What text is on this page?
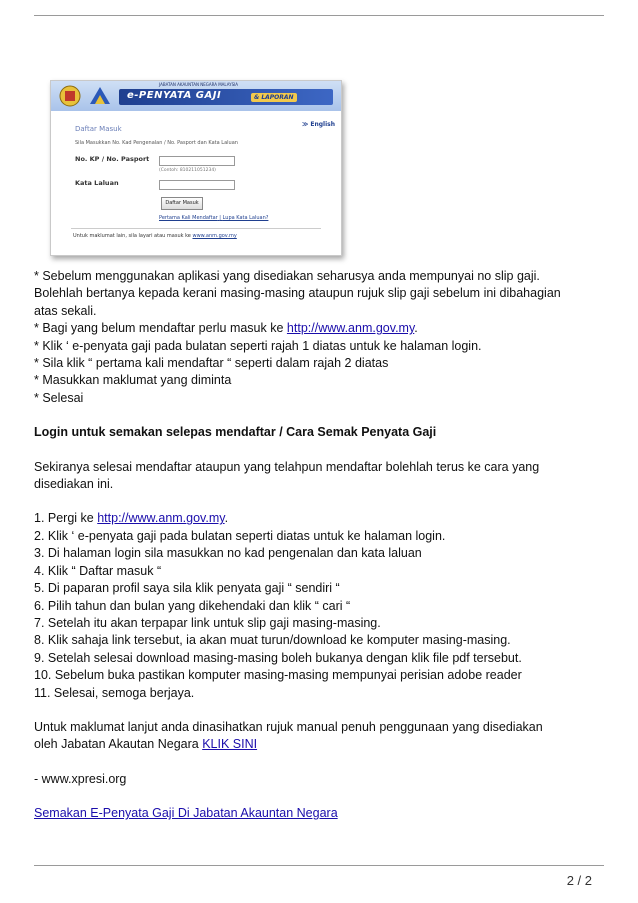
JABATAN AKAUNTAN NEGARA MALAYSIA
e-PENYATA GAJI	& LAPORAN
≫ English
Daftar Masuk
Sila Masukkan No. Kad Pengenalan / No. Pasport dan Kata Laluan
No. KP / No. Pasport
(Contoh: 810211051234)
Kata Laluan
Daftar Masuk
Pertama Kali Mendaftar | Lupa Kata Laluan?
Untuk maklumat lain, sila layari atau masuk ke www.anm.gov.my

* Sebelum menggunakan aplikasi yang disediakan seharusya anda mempunyai no slip gaji.

Bolehlah bertanya kepada kerani masing-masing ataupun rujuk slip gaji sebelum ini dibahagian

atas sekali.

* Bagi yang belum mendaftar perlu masuk ke http://www.anm.gov.my.

* Klik ‘ e-penyata gaji pada bulatan seperti rajah 1 diatas untuk ke halaman login.

* Sila klik “ pertama kali mendaftar “ seperti dalam rajah 2 diatas

* Masukkan maklumat yang diminta

* Selesai

Login untuk semakan selepas mendaftar / Cara Semak Penyata Gaji

Sekiranya selesai mendaftar ataupun yang telahpun mendaftar bolehlah terus ke cara yang

disediakan ini.

1. Pergi ke http://www.anm.gov.my.

2. Klik ‘ e-penyata gaji pada bulatan seperti diatas untuk ke halaman login.

3. Di halaman login sila masukkan no kad pengenalan dan kata laluan

4. Klik “ Daftar masuk “

5. Di paparan profil saya sila klik penyata gaji “ sendiri “

6. Pilih tahun dan bulan yang dikehendaki dan klik “ cari “

7. Setelah itu akan terpapar link untuk slip gaji masing-masing.

8. Klik sahaja link tersebut, ia akan muat turun/download ke komputer masing-masing.

9. Setelah selesai download masing-masing boleh bukanya dengan klik file pdf tersebut.

10. Sebelum buka pastikan komputer masing-masing mempunyai perisian adobe reader

11. Selesai, semoga berjaya.

Untuk maklumat lanjut anda dinasihatkan rujuk manual penuh penggunaan yang disediakan

oleh Jabatan Akautan Negara KLIK SINI

- www.xpresi.org

Semakan E-Penyata Gaji Di Jabatan Akauntan Negara

2 / 2
